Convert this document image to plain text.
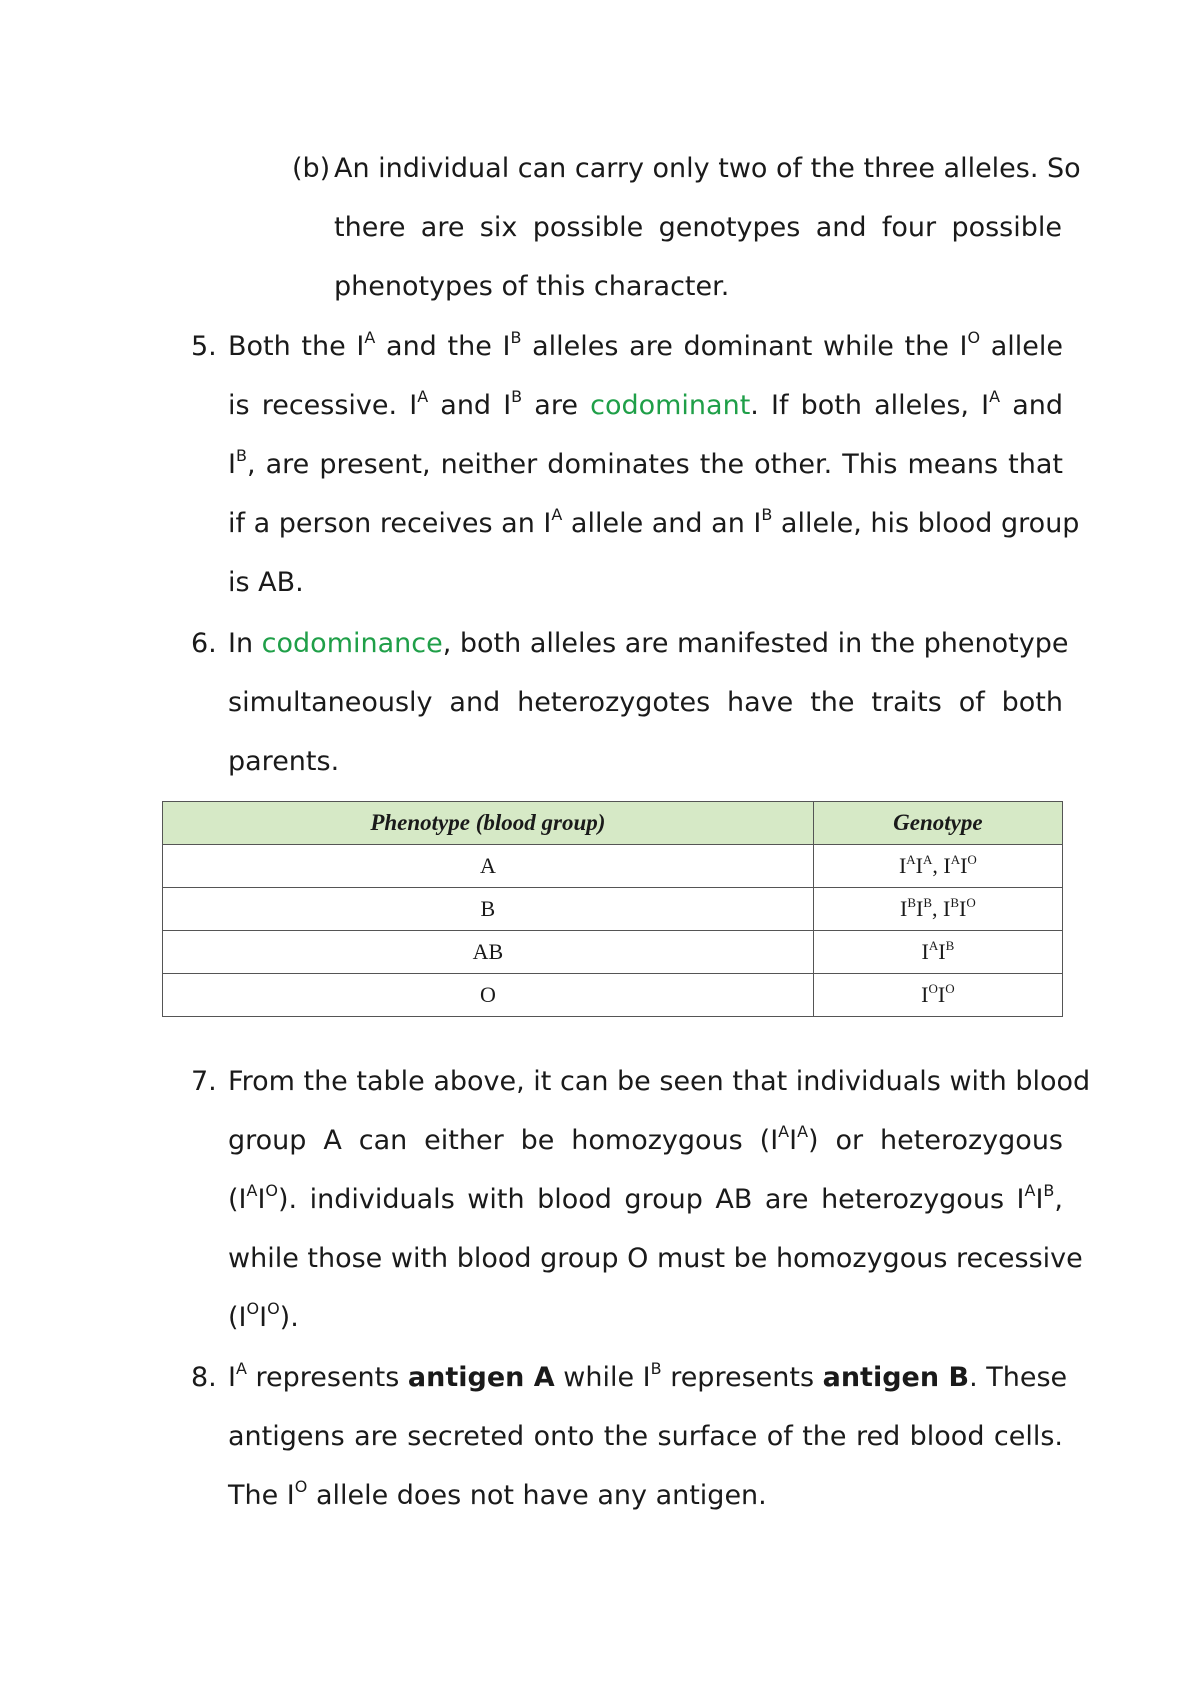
(b) An individual can carry only two of the three alleles. So
there are six possible genotypes and four possible
phenotypes of this character.
5. Both the $I^A$ and the $I^B$ alleles are dominant while the $I^O$ allele
is recessive. $I^A$ and $I^B$ are codominant. If both alleles, $I^A$ and
$I^B$, are present, neither dominates the other. This means that
if a person receives an $I^A$ allele and an $I^B$ allele, his blood group
is AB.
6. In codominance, both alleles are manifested in the phenotype
simultaneously and heterozygotes have the traits of both
parents.
Phenotype (blood group)	Genotype
A	$I^AI^A$, $I^AI^O$
B	$I^BI^B$, $I^BI^O$
AB	$I^AI^B$
O	$I^OI^O$
7. From the table above, it can be seen that individuals with blood
group A can either be homozygous $(I^AI^A)$ or heterozygous
$(I^AI^O)$. individuals with blood group AB are heterozygous $I^AI^B$,
while those with blood group O must be homozygous recessive
$(I^OI^O)$.
8. $I^A$ represents antigen A while $I^B$ represents antigen B. These
antigens are secreted onto the surface of the red blood cells.
The $I^O$ allele does not have any antigen.
